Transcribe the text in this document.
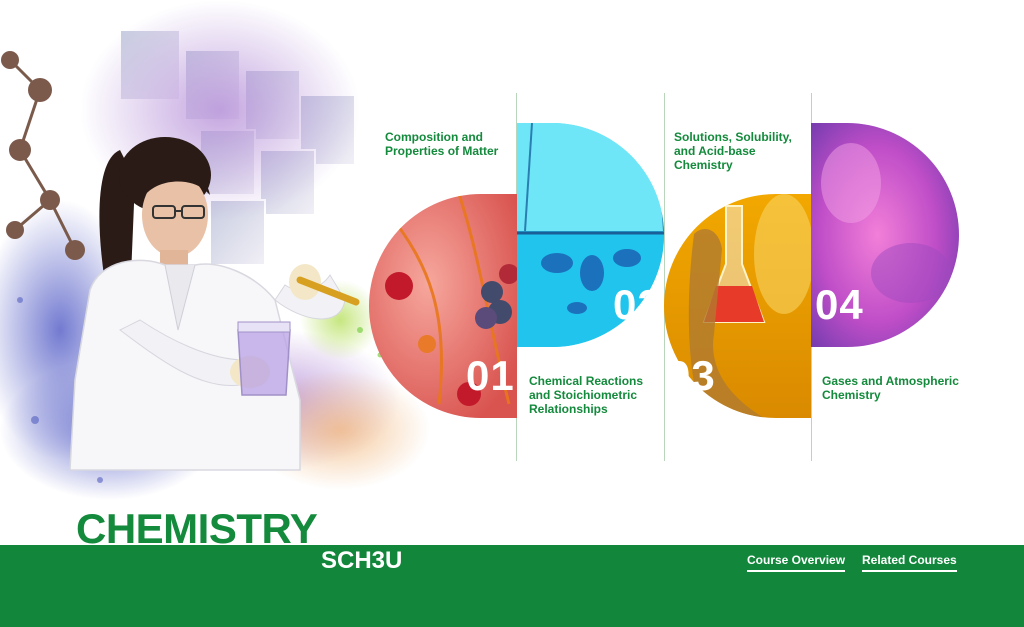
01
02
03
04
Composition and Properties of Matter
Chemical Reactions and Stoichiometric Relationships
Solutions, Solubility, and Acid-base Chemistry
Gases and Atmospheric Chemistry
CHEMISTRY
SCH3U	Course Overview Related Courses
